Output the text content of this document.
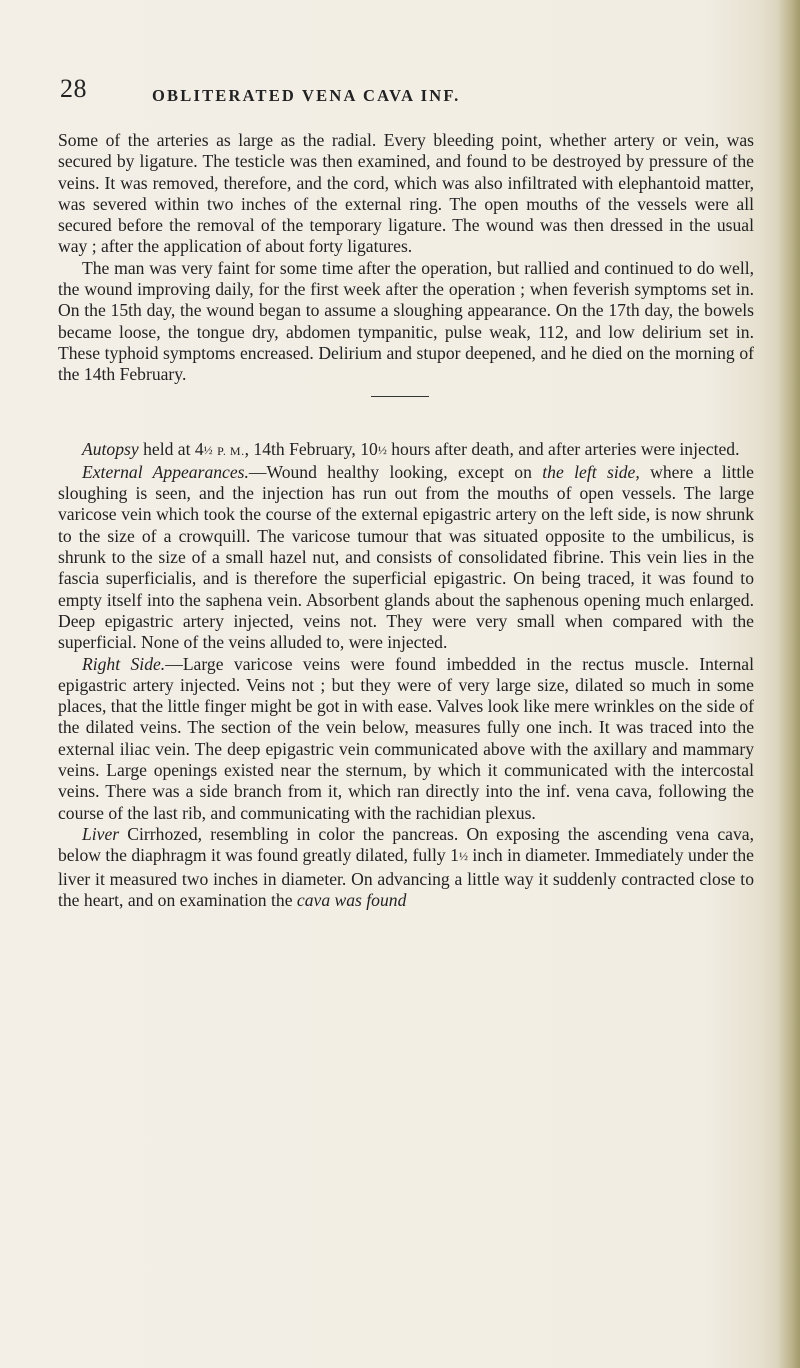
28	OBLITERATED VENA CAVA INF.

Some of the arteries as large as the radial. Every bleeding point, whether artery or vein, was secured by ligature. The testicle was then examined, and found to be destroyed by pressure of the veins. It was removed, therefore, and the cord, which was also infiltrated with elephantoid matter, was severed within two inches of the external ring. The open mouths of the vessels were all secured before the removal of the temporary ligature. The wound was then dressed in the usual way ; after the application of about forty ligatures.

The man was very faint for some time after the operation, but rallied and continued to do well, the wound improving daily, for the first week after the operation ; when feverish symptoms set in. On the 15th day, the wound began to assume a sloughing appearance. On the 17th day, the bowels became loose, the tongue dry, abdomen tympanitic, pulse weak, 112, and low delirium set in. These typhoid symptoms encreased. Delirium and stupor deepened, and he died on the morning of the 14th February.

Autopsy held at 4½ P. M., 14th February, 10½ hours after death, and after arteries were injected.

External Appearances.—Wound healthy looking, except on the left side, where a little sloughing is seen, and the injection has run out from the mouths of open vessels. The large varicose vein which took the course of the external epigastric artery on the left side, is now shrunk to the size of a crowquill. The varicose tumour that was situated opposite to the umbilicus, is shrunk to the size of a small hazel nut, and consists of consolidated fibrine. This vein lies in the fascia superficialis, and is therefore the superficial epigastric. On being traced, it was found to empty itself into the saphena vein. Absorbent glands about the saphenous opening much enlarged. Deep epigastric artery injected, veins not. They were very small when compared with the superficial. None of the veins alluded to, were injected.

Right Side.—Large varicose veins were found imbedded in the rectus muscle. Internal epigastric artery injected. Veins not ; but they were of very large size, dilated so much in some places, that the little finger might be got in with ease. Valves look like mere wrinkles on the side of the dilated veins. The section of the vein below, measures fully one inch. It was traced into the external iliac vein. The deep epigastric vein communicated above with the axillary and mammary veins. Large openings existed near the sternum, by which it communicated with the intercostal veins. There was a side branch from it, which ran directly into the inf. vena cava, following the course of the last rib, and communicating with the rachidian plexus.

Liver Cirrhozed, resembling in color the pancreas. On exposing the ascending vena cava, below the diaphragm it was found greatly dilated, fully 1½ inch in diameter. Immediately under the liver it measured two inches in diameter. On advancing a little way it suddenly contracted close to the heart, and on examination the cava was found
